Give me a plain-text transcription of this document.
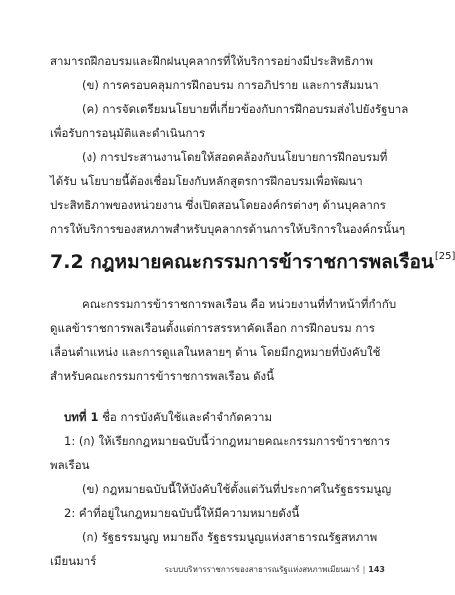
สามารถฝึกอบรมและฝึกฝนบุคลากรที่ให้บริการอย่างมีประสิทธิภาพ
(ข) การครอบคลุมการฝึกอบรม การอภิปราย และการสัมมนา
(ค) การจัดเตรียมนโยบายที่เกี่ยวข้องกับการฝึกอบรมส่งไปยังรัฐบาล
เพื่อรับการอนุมัติและดำเนินการ
(ง) การประสานงานโดยให้สอดคล้องกับนโยบายการฝึกอบรมที่
ได้รับ นโยบายนี้ต้องเชื่อมโยงกับหลักสูตรการฝึกอบรมเพื่อพัฒนา
ประสิทธิภาพของหน่วยงาน ซึ่งเปิดสอนโดยองค์กรต่างๆ ด้านบุคลากร
การให้บริการของสหภาพสำหรับบุคลากรด้านการให้บริการในองค์กรนั้นๆ
7.2 กฎหมายคณะกรรมการข้าราชการพลเรือน[25]
คณะกรรมการข้าราชการพลเรือน คือ หน่วยงานที่ทำหน้าที่กำกับ
ดูแลข้าราชการพลเรือนตั้งแต่การสรรหาคัดเลือก การฝึกอบรม การ
เลื่อนตำแหน่ง และการดูแลในหลายๆ ด้าน โดยมีกฎหมายที่บังคับใช้
สำหรับคณะกรรมการข้าราชการพลเรือน ดังนี้
บทที่ 1 ชื่อ การบังคับใช้และคำจำกัดความ
1: (ก) ให้เรียกกฎหมายฉบับนี้ว่ากฎหมายคณะกรรมการข้าราชการ
พลเรือน
(ข) กฎหมายฉบับนี้ให้บังคับใช้ตั้งแต่วันที่ประกาศในรัฐธรรมนูญ
2: คำที่อยู่ในกฎหมายฉบับนี้ให้มีความหมายดังนี้
(ก) รัฐธรรมนูญ หมายถึง รัฐธรรมนูญแห่งสาธารณรัฐสหภาพ
เมียนมาร์
ระบบบริหารราชการของสาธารณรัฐแห่งสหภาพเมียนมาร์ | 143
